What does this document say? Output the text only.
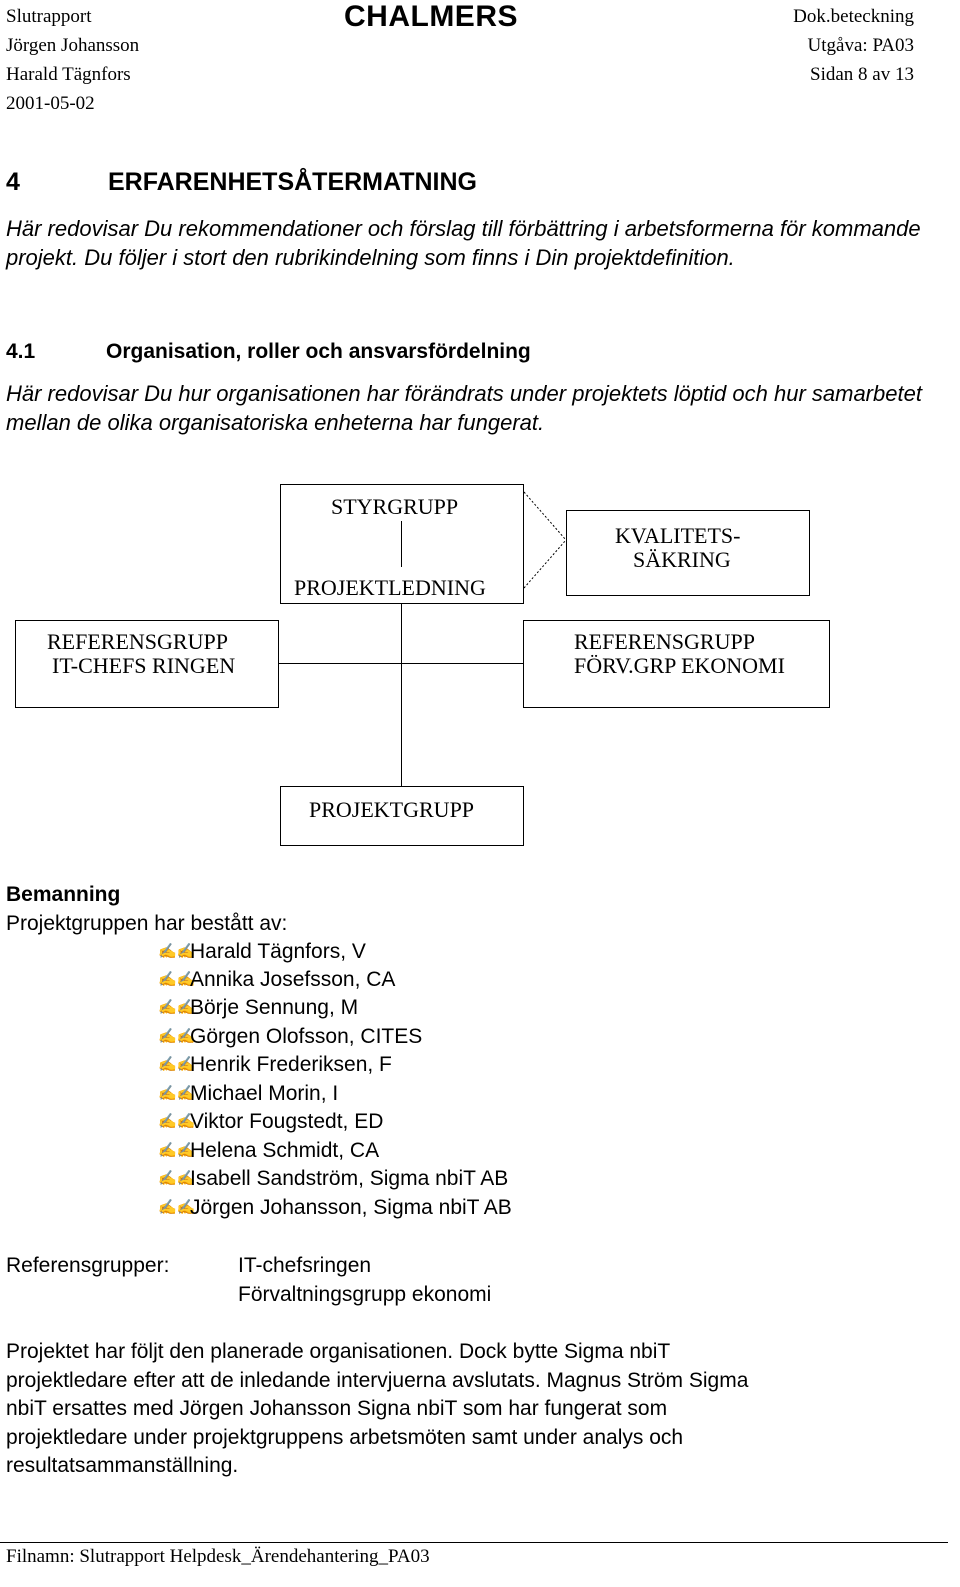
Slutrapport
Jörgen Johansson
Harald Tägnfors
2001-05-02
CHALMERS	Dok.beteckning
Utgåva: PA03
Sidan 8 av 13
4	ERFARENHETSÅTERMATNING

Här redovisar Du rekommendationer och förslag till förbättring i arbetsformerna för kommande projekt. Du följer i stort den rubrikindelning som finns i Din projektdefinition.

4.1	Organisation, roller och ansvarsfördelning

Här redovisar Du hur organisationen har förändrats under projektets löptid och hur samarbetet mellan de olika organisatoriska enheterna har fungerat.

STYRGRUPP
PROJEKTLEDNING
KVALITETS-
SÄKRING
REFERENSGRUPP
IT-CHEFS RINGEN
REFERENSGRUPP
FÖRV.GRP EKONOMI
PROJEKTGRUPP
Bemanning
Projektgruppen har bestått av:
✍✍Harald Tägnfors, V
✍✍Annika Josefsson, CA
✍✍Börje Sennung, M
✍✍Görgen Olofsson, CITES
✍✍Henrik Frederiksen, F
✍✍Michael Morin, I
✍✍Viktor Fougstedt, ED
✍✍Helena Schmidt, CA
✍✍Isabell Sandström, Sigma nbiT AB
✍✍Jörgen Johansson, Sigma nbiT AB
Referensgrupper:	IT-chefsringen
Förvaltningsgrupp ekonomi
Projektet har följt den planerade organisationen. Dock bytte Sigma nbiT
projektledare efter att de inledande intervjuerna avslutats. Magnus Ström Sigma
nbiT ersattes med Jörgen Johansson Signa nbiT som har fungerat som
projektledare under projektgruppens arbetsmöten samt under analys och
resultatsammanställning.
Filnamn: Slutrapport Helpdesk_Ärendehantering_PA03
